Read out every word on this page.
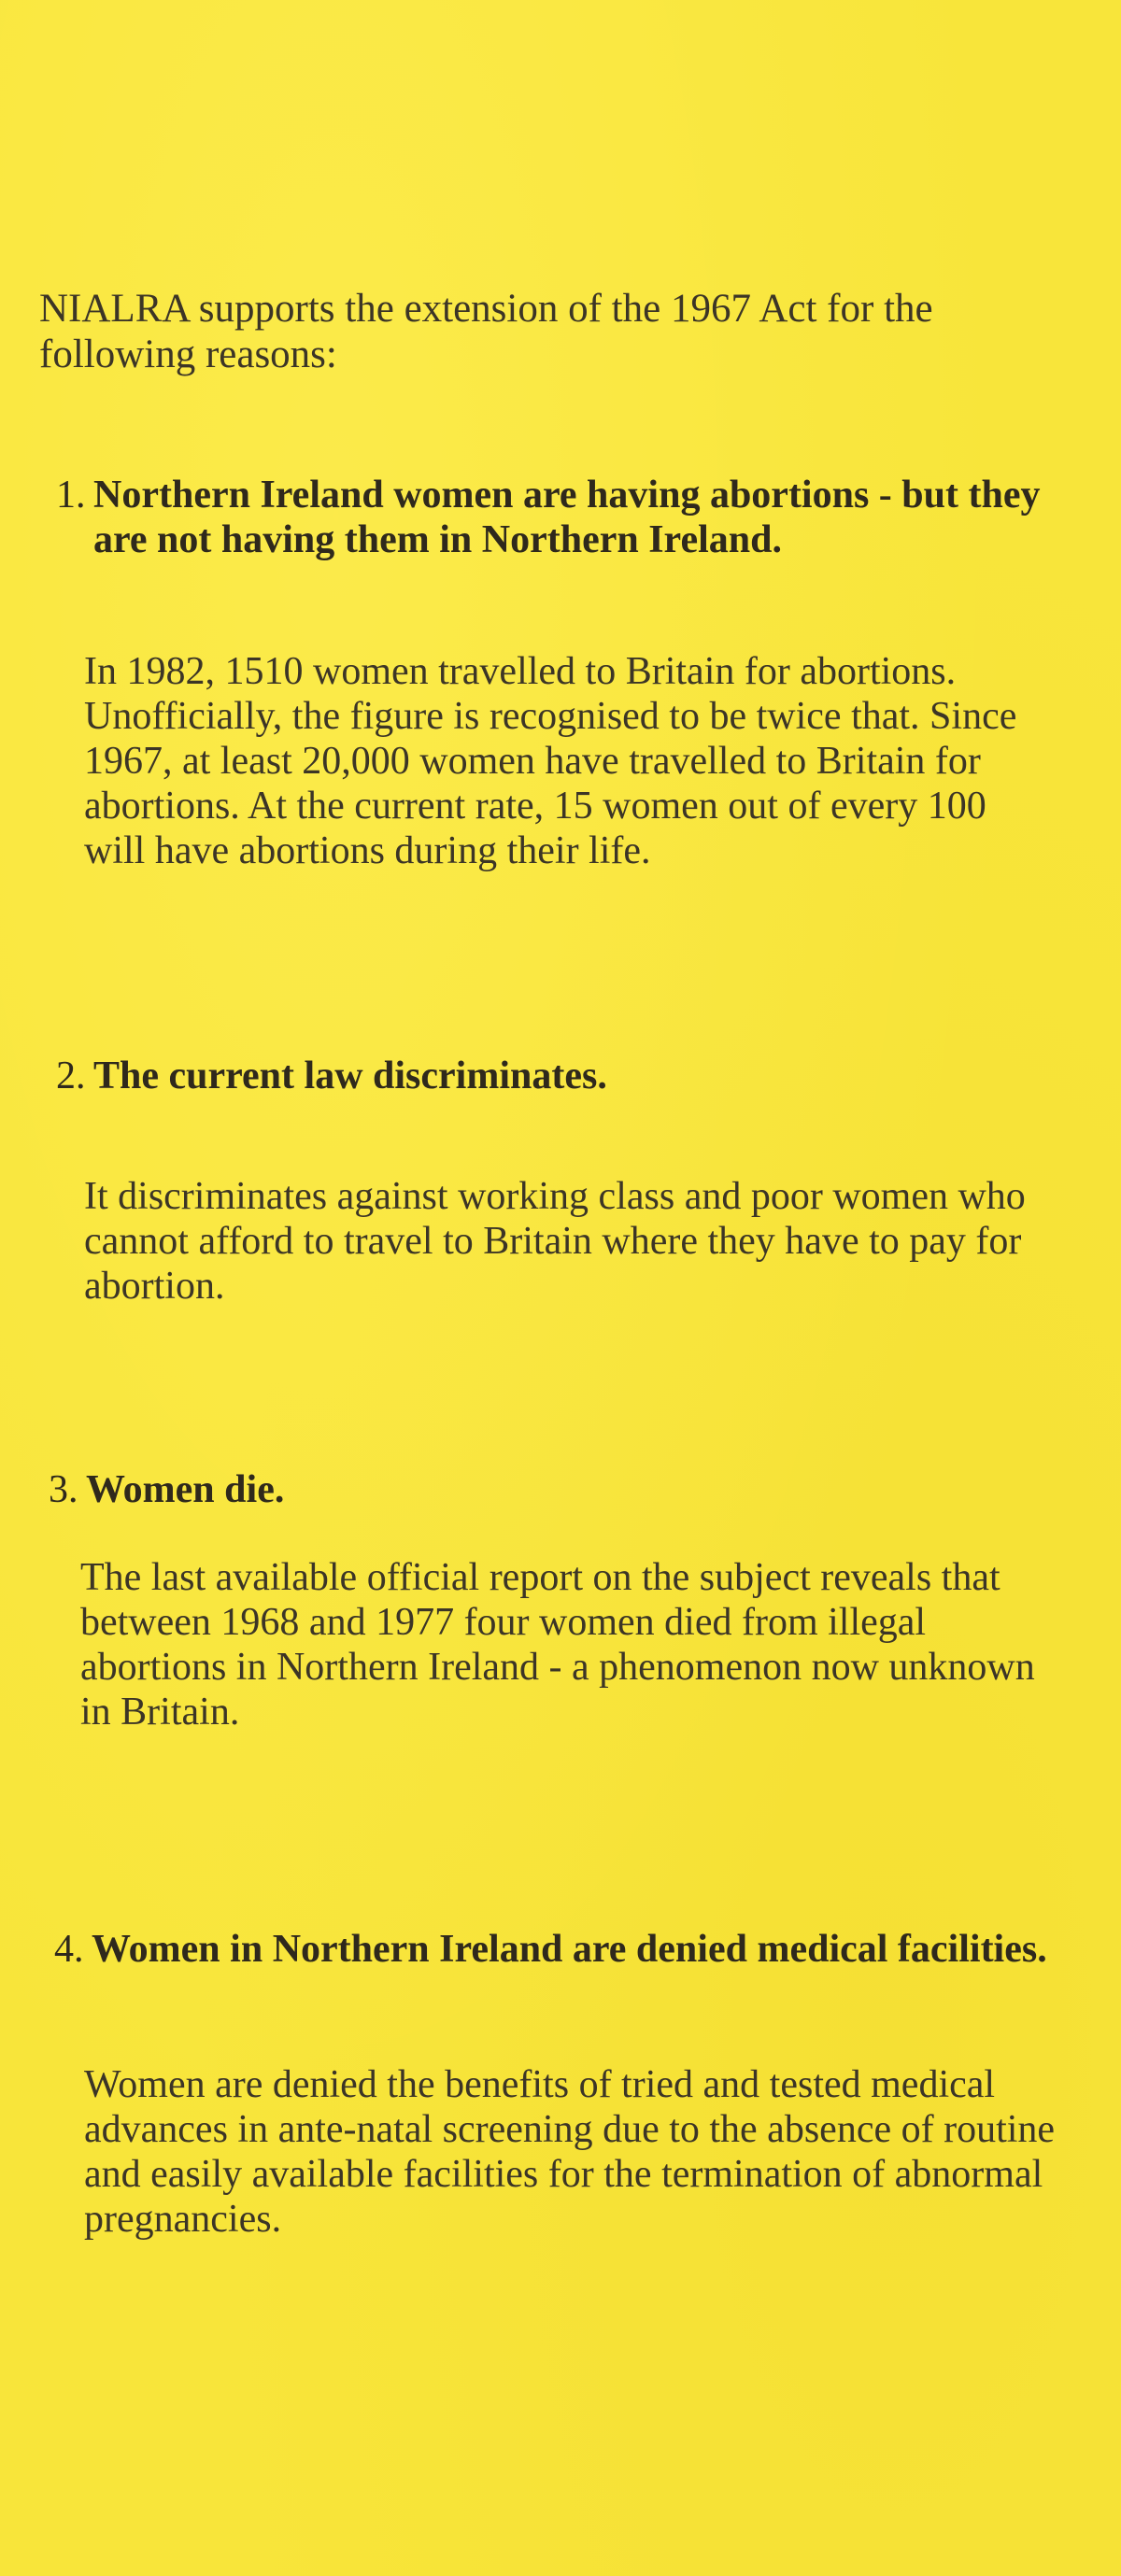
NIALRA supports the extension of the 1967 Act for the following reasons:

1. Northern Ireland women are having abortions - but they are not having them in Northern Ireland.

In 1982, 1510 women travelled to Britain for abortions. Unofficially, the figure is recognised to be twice that. Since 1967, at least 20,000 women have travelled to Britain for abortions. At the current rate, 15 women out of every 100 will have abortions during their life.

2. The current law discriminates.

It discriminates against working class and poor women who cannot afford to travel to Britain where they have to pay for abortion.

3. Women die.

The last available official report on the subject reveals that between 1968 and 1977 four women died from illegal abortions in Northern Ireland - a phenomenon now unknown in Britain.

4. Women in Northern Ireland are denied medical facilities.

Women are denied the benefits of tried and tested medical advances in ante-natal screening due to the absence of routine and easily available facilities for the termination of abnormal pregnancies.
